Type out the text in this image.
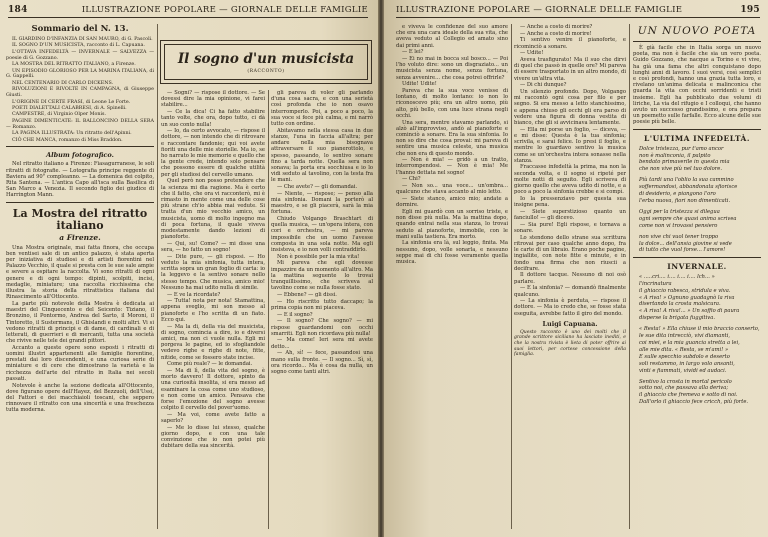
184	ILLUSTRAZIONE POPOLARE — GIORNALE DELLE FAMIGLIE
Sommario del N. 13.

IL GIARDINO D'INFANZIA DI SAN MAURO, di G. Pascoli.

IL SOGNO D'UN MUSICISTA, racconto di L. Capuana.

L'OTTAVA INFEDELTÀ — INVERNALE — SALVEZZA — poesie di G. Gozzano.

LA MOSTRA DEL RITRATTO ITALIANO, a Firenze.

UN EPISODIO GLORIOSO PER LA MARINA ITALIANA, di G. Gappelli.

NEL CENTENARIO DI CARLO DICKENS.

RIVOLUZIONI E RIVOLTE IN CAMPAGNA, di Giuseppe Giusti.

L'ORIGINE DI CERTE FRASI, di Leone Le Forte.

POETI DIALETTALI CALABRESI, di A. Spinelli.

CAMPESTRE, di Virginio Olper Monis.

PAGINE DIMENTICATE: IL BALLONCINO DELLA SERA — Romanzo.

LA PAGINA ILLUSTRATA: Un ritratto dell'Apinni.

CIÒ CHE MANCA, romanzo di Miss Braddon.

Album fotografico.

Nel ritratto italiano a Firenze: Fiasagurranese, le soli ritratti di fotografie. — Lotografia principe reggente di Baviera ad 90° compleanno. — La domenica dei colpito, Rita Santena. — L'antica Capo all'isca sulla Basilica di San Marco a Venezia. Il secondo figlio dei giudice di Harrington Mann.

La Mostra del ritratto italiano
a Firenze.

Una Mostra originale, mai fatta finora, che occupa ben ventisei sale di un antico palazzo, è stata aperta per iniziativa di studiosi e di artisti fiorentini nel Palazzo Vecchio, il quale si presta con le sue sale ampie e severe a ospitare la raccolta. Vi sono ritratti di ogni genere e di ogni tempo: dipinti, scolpiti, incisi, medaglie, miniature; una raccolta ricchissima che illustra la storia della ritrattistica italiana dal Rinascimento all'Ottocento.

La parte più notevole della Mostra è dedicata ai maestri del Cinquecento e del Seicento: Tiziano, il Bronzino, il Pontormo, Andrea del Sarto, il Moroni, il Tintoretto, il Sustermans, il Ghislandi e molti altri. Vi si vedono ritratti di principi e di dame, di cardinali e di letterati, di guerrieri e di mercanti, tutta una società che rivive nelle tele dei grandi pittori.

Accanto a queste opere sono esposti i ritratti di uomini illustri appartenenti alle famiglie fiorentine, prestati dai loro discendenti, e una curiosa serie di miniature e di cere che dimostrano la varietà e la ricchezza dell'arte del ritratto in Italia nei secoli passati.

Notevole è anche la sezione dedicata all'Ottocento, dove figurano opere dell'Hayez, del Bezzuoli, dell'Ussi, del Fattori e dei macchiaioli toscani, che seppero rinnovare il ritratto con una sincerità e una freschezza tutta moderna.

Il sogno d'un musicista
(RACCONTO)

— Sogni? — rispose il dottore. — Se dovessi dire la mia opinione, vi farei stabilire...

— Ce la dica! Ci ha fatto stabilire tanto volte, che ora, dopo tutto, ci dà un suo conto nulla!

— Io, da certo avvocato, — rispose il dottore, — non intendo che di ritrovare e raccontare fandonie; qui voi avete fioriti una delle mie storielle. Ma io, se ho narrato le mie memorie e quello che la gente crede, intendo solo pensare che possono essere di qualche utilità per gli studiosi del cervello umano.

Quel però non posso pretendere che la scienza mi dia ragione. Ma è certo che il fatto, che ora vi racconterò, mi è rimasto in mente come una delle cose più strane ch'io abbia mai vedute. Si tratta d'un mio vecchio amico, un musicista, uomo di molto ingegno ma di poca fortuna, il quale viveva modestamente dando lezioni di pianoforte.

— Qui, su! Come? — mi disse una sera, — ho fatto un sogno!

— Dite pure, — gli risposi. — Ho veduto la mia sinfonia, tutta intera, scritta sopra un gran foglio di carta: io la leggevo e la sentivo sonare nello stesso tempo. Che musica, amico mio! Nessuno ha mai udito nulla di simile.

— E ve la ricordate?

— Tutta! nota per nota! Stamattina, appena sveglio, mi son messo al pianoforte e l'ho scritta di un fiato. Ecco qui.

— Ma la di, della via del musicista, di sogno, comincia a dire, io e diversi amici, ma non ci vuole nulla. Egli mi porgeva le pagine, ed io sfogliandole vedevo righe e righe di note, fitte, nitide, come se fossero state incise.

Come più reale? — le domandai.

— Ma di lì, della vita del sogno, è morto davvero! Il dottore, spinto da una curiosità insolita, si era messo ad esaminare la cosa come uno studioso, e non come un amico. Pensava che forse l'emozione del sogno avesse colpito il cervello del pover'uomo.

— Ma voi, come avete fatto a saperlo?

— Me lo disse lui stesso, qualche giorno dopo, e con una tale convinzione che io non potei più dubitare della sua sincerità.

gli pareva di voler gli parlando d'una cosa sacra, e con una serietà così profonda che io non osavo interromperlo. Poi, a poco a poco, la sua voce si fece più calma, e mi narrò tutto con ordine.

Abitavamo nella stessa casa in due stanze, l'una in faccia all'altra; per andare nella mia bisognava attraversare il suo pianerottolo, e spesso, passando, lo sentivo sonare fino a tarda notte. Quella sera non sonava; la porta era socchiusa e io lo vidi seduto al tavolino, con la testa fra le mani.

— Che avete? — gli domandai.

— Niente, — rispose; — penso alla mia sinfonia. Domani la porterò al maestro, e se gli piacerà, sarà la mia fortuna.

Chiudo Volgango Braschtart di quella musica, — un'opera intera, con cori e orchestra, — mi pareva impossibile che un uomo l'avesse composta in una sola notte. Ma egli insisteva, e io non volli contraddirlo.

Non è possibile per la mia vita!

Mi pareva che egli dovesse impazzire da un momento all'altro. Ma la mattina seguente lo trovai tranquillissimo, che scriveva al tavolino come se nulla fosse stato.

— Ebbene? — gli dissi.

— Ho riscritto tutto daccapo; la prima copia non mi piaceva.

— E il sogno?

— Il sogno? Che sogno? — mi rispose guardandomi con occhi smarriti. Egli non ricordava più nulla!

— Ma come! Ieri sera mi avete detto...

— Ah, sì! — fece, passandosi una mano sulla fronte. — Il sogno... Sì, sì, ora ricordo... Ma è cosa da nulla, un sogno come tanti altri.

ILLUSTRAZIONE POPOLARE — GIORNALE DELLE FAMIGLIE	195

e viveva le confidenze del suo amore che era una cara ideale della sua vita, che aveva veduto al Collegio ed amato sino dai primi anni.

— E lei?

— Ei no mai in bocca sul bosco... — Poi l'ho voluto dire: sono un disgraziato... un musicista senza nome, senza fortuna, senza avvenire... che cosa potrei offrirle?

Udite! Udite!

Pareva che la sua voce venisse di lontano, di molto lontano: io non lo riconoscevo più; era un altro uomo, più alto, più bello, con una luce strana negli occhi.

Una sera, mentre stavamo parlando, si alzò all'improvviso, andò al pianoforte e cominciò a sonare. Era la sua sinfonia. Io non so dire che cosa provai: mi pareva di sentire una musica celeste, una musica che non era di questo mondo.

— Non è mia! — gridò a un tratto, interrompendosi. — Non è mia! Me l'hanno dettata nel sogno!

— Chi?

— Non so... una voce... un'ombra... qualcuno che stava accanto al mio letto.

— Siete stanco, amico mio; andate a dormire.

Egli mi guardò con un sorriso triste, e non disse più nulla. Ma la mattina dopo, quando entrai nella sua stanza, lo trovai seduto al pianoforte, immobile, con le mani sulla tastiera. Era morto.

La sinfonia era là, sul leggio, finita. Ma nessuno, dopo, volle sonarla, e nessuno seppe mai di chi fosse veramente quella musica.

— Anche a costo di morire?

— Anche a costo di morire!

Ti sentivo venire il pianoforte, e ricominciò a sonare.

— Udite!

Aveva trasfigurato! Ma il suo che dirvi di quel che passò in quelle ore? Mi pareva di essere trasportato in un altro mondo, di vivere un'altra vita.

— Di chi dunque?

Un silenzio profondo. Dopo, Volgango mi raccontò ogni cosa per filo e per segno. Si era messo a letto stanchissimo, e appena chiuso gli occhi gli era parso di vedere una figura di donna vestita di bianco, che gli si avvicinava lentamente.

— Ella mi porse un foglio, — diceva, — e mi disse: Questa è la tua sinfonia; scrivila, e sarai felice. Io presi il foglio, e mentre lo guardavo sentivo la musica come se un'orchestra intera sonasse nella stanza.

Fraccasse infedeltà la prima, ma non la seconda volta, e il sogno si ripeté per molte notti di seguito. Egli scriveva di giorno quello che aveva udito di notte, e a poco a poco la sinfonia crebbe e si compì.

Io la pressenziavo per questa sua insigne pena.

— Siete superstizioso quanto un fanciullo! — gli dicevo.

— Sia pure! Egli rispose, e tornava a sonare.

Lo stendono dello strane sua scrittura ritrovai per caso qualche anno dopo, fra le carte di un libraio. Erano poche pagine, ingiallite, con note fitte e minute, e in fondo una firma che non riuscii a decifrare.

Il dottore tacque. Nessuno di noi osò parlare.

— E la sinfonia? — domandò finalmente qualcuno.

— La sinfonia è perduta, — rispose il dottore. — Ma io credo che, se fosse stata eseguita, avrebbe fatto il giro del mondo.

Luigi Capuana.

Questo racconto è uno dei molti che il grande scrittore siciliano ha lasciato inediti, e che la nostra rivista è lieta di poter offrire ai suoi lettori, per cortese concessione della famiglia.

UN NUOVO POETA

È già facile che in Italia sorga un nuovo poeta, ma non è facile che sia un vero poeta. Guido Gozzano, che nacque a Torino e vi vive, ha già una fama che altri conquistano dopo lunghi anni di lavoro. I suoi versi, così semplici e così profondi, hanno una grazia tutta loro, e rivelano un'anima delicata e malinconica che guarda la vita con occhi sorridenti e tristi insieme. Egli ha pubblicato due volumi di liriche, La via del rifugio e I colloqui, che hanno avuto un successo grandissimo, e ora prepara un poemetto sulle farfalle. Ecco alcune delle sue poesie più belle.

L'ULTIMA INFEDELTÀ.

Dolce tristezza, pur t'amo ancor

non è malinconia, il palpito

bendato primaverile in questa mia

che non vive più nel tuo dolore.

Più tardi una l'oblio la sua cammino

soffermandosi, abbandonata sfiorisce

di desiderio, e piangono l'oro

l'erba nuova, fiori non dimenticati.

Oggi per la tristezza si dilegua

ogni sempre che quasi anima scrivea

come non vi trovassi pensiero

non vive chi vuol tener troppo

la dolce... dell'ansia giovine si vede

di tutto che vuol forse... l'amore!

INVERNALE.

« .....cri.... i.... i.... i.... lch... »

l'incrinatura

il ghiaccio rabesca, stridula e viva.

« A riva! » Ognuno guadagnò la riva

disertando la crosta malsicura.

« A riva! A riva!... » Un soffio di paura

disperse la brigata fuggitiva.

« Resta! » Ella chiuse il mio braccio conserto,

le sue dita intrecciò, vivi diamanti,

coi miei, e la mia guancia stretta a lei,

alle mie dita. « Resta, se m'ami! »

E sulle specchio subdolo e deserto

soli restammo, in largo volo ansanti,

vinti e fiammati, vividi ed audaci.

Sentivo la crosta in mortal pericolo

sotto noi, che passava alla deriva;

il ghiaccio che fremeva e sotto di noi.

Dall'orlo il ghiaccio fece cricch, più forte.
